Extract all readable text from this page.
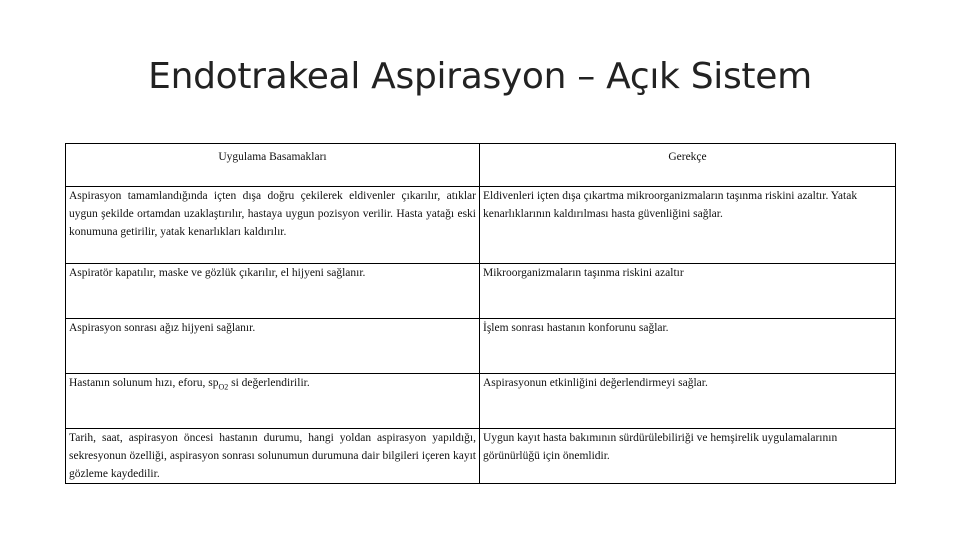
Endotrakeal Aspirasyon – Açık Sistem
Uygulama Basamakları	Gerekçe
Aspirasyon tamamlandığında içten dışa doğru çekilerek eldivenler çıkarılır, atıklar uygun şekilde ortamdan uzaklaştırılır, hastaya uygun pozisyon verilir. Hasta yatağı eski konumuna getirilir, yatak kenarlıkları kaldırılır.	Eldivenleri içten dışa çıkartma mikroorganizmaların taşınma riskini azaltır. Yatak kenarlıklarının kaldırılması hasta güvenliğini sağlar.
Aspiratör kapatılır, maske ve gözlük çıkarılır, el hijyeni sağlanır.	Mikroorganizmaların taşınma riskini azaltır
Aspirasyon sonrası ağız hijyeni sağlanır.	İşlem sonrası hastanın konforunu sağlar.
Hastanın solunum hızı, eforu, $sp_{O2}$ si değerlendirilir.	Aspirasyonun etkinliğini değerlendirmeyi sağlar.
Tarih, saat, aspirasyon öncesi hastanın durumu, hangi yoldan aspirasyon yapıldığı, sekresyonun özelliği, aspirasyon sonrası solunumun durumuna dair bilgileri içeren kayıt gözleme kaydedilir.	Uygun kayıt hasta bakımının sürdürülebiliriği ve hemşirelik uygulamalarının görünürlüğü için önemlidir.
